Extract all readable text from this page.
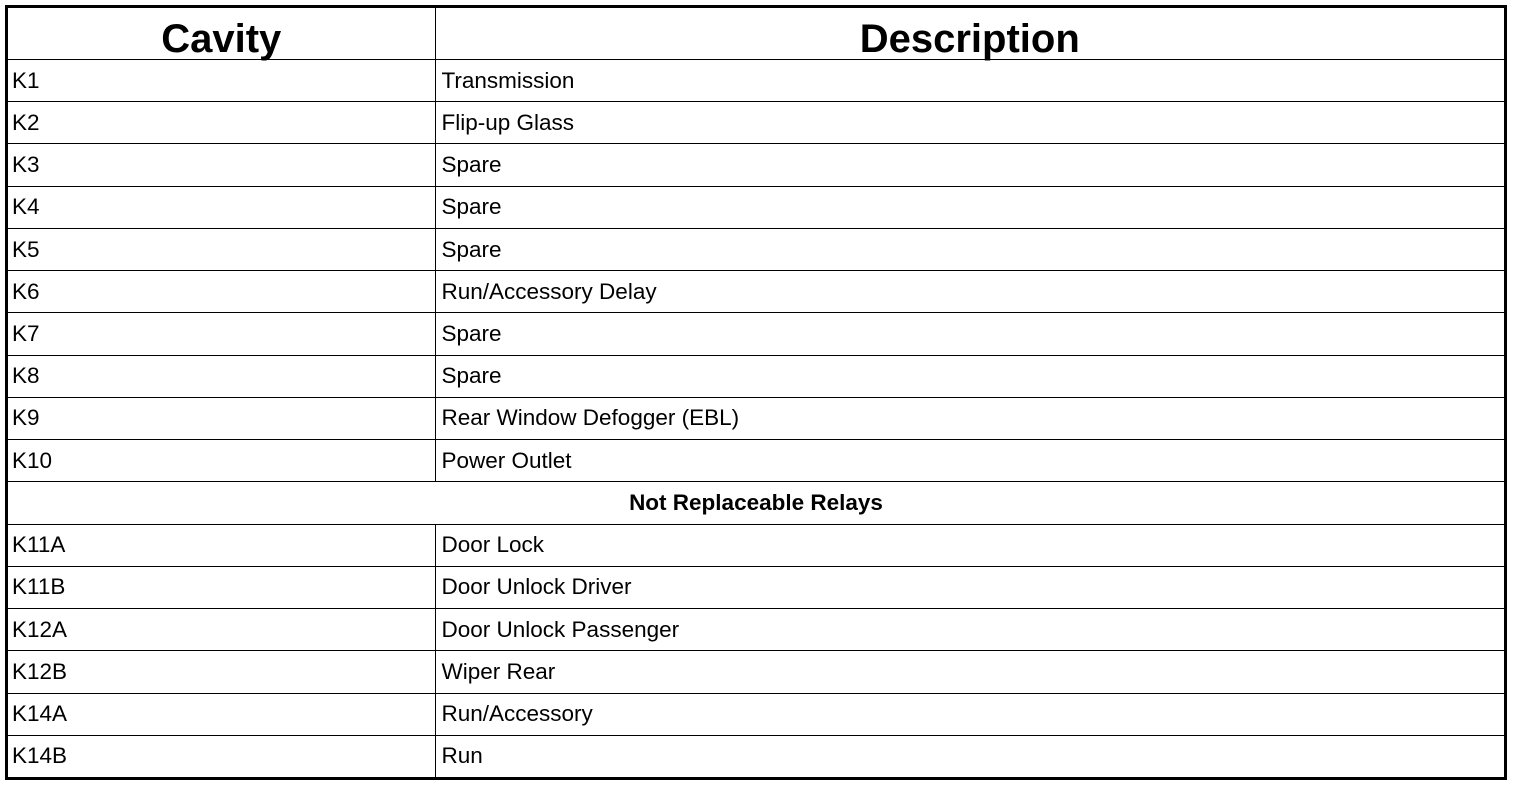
Cavity	Description
K1	Transmission
K2	Flip-up Glass
K3	Spare
K4	Spare
K5	Spare
K6	Run/Accessory Delay
K7	Spare
K8	Spare
K9	Rear Window Defogger (EBL)
K10	Power Outlet
Not Replaceable Relays	
K11A	Door Lock
K11B	Door Unlock Driver
K12A	Door Unlock Passenger
K12B	Wiper Rear
K14A	Run/Accessory
K14B	Run
